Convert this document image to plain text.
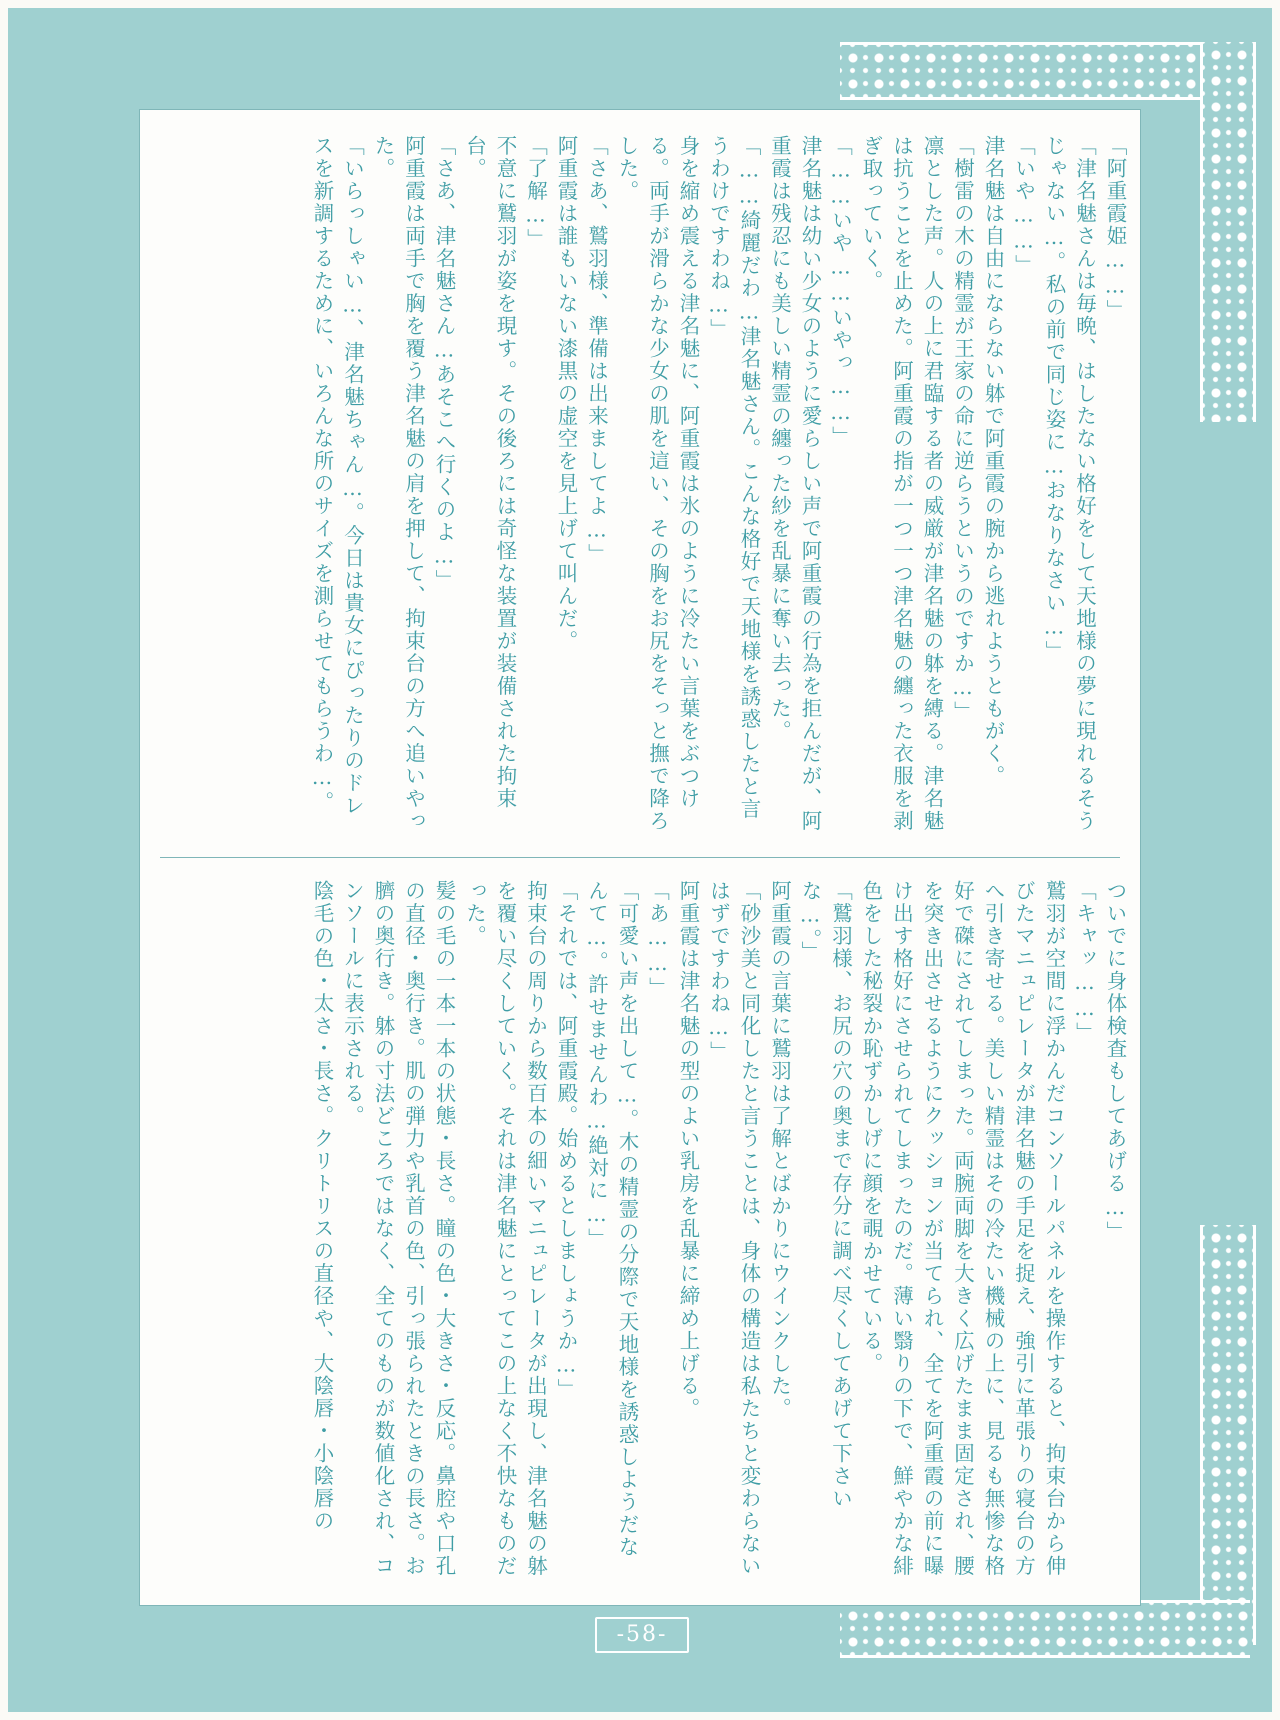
「阿重霞姫……」

「津名魅さんは毎晩、はしたない格好をして天地様の夢に現れるそうじゃない…。私の前で同じ姿に…おなりなさい…」

「いや……」

津名魅は自由にならない躰で阿重霞の腕から逃れようともがく。

「樹雷の木の精霊が王家の命に逆らうというのですか…」

凛とした声。人の上に君臨する者の威厳が津名魅の躰を縛る。津名魅は抗うことを止めた。阿重霞の指が一つ一つ津名魅の纏った衣服を剥ぎ取っていく。

「……いや……いやっ……」

津名魅は幼い少女のように愛らしい声で阿重霞の行為を拒んだが、阿重霞は残忍にも美しい精霊の纏った紗を乱暴に奪い去った。

「……綺麗だわ…津名魅さん。こんな格好で天地様を誘惑したと言うわけですわね…」

身を縮め震える津名魅に、阿重霞は氷のように冷たい言葉をぶつける。両手が滑らかな少女の肌を這い、その胸をお尻をそっと撫で降ろした。

「さあ、鷲羽様、準備は出来ましてよ…」

阿重霞は誰もいない漆黒の虚空を見上げて叫んだ。

「了解…」

不意に鷲羽が姿を現す。その後ろには奇怪な装置が装備された拘束台。

「さあ、津名魅さん…あそこへ行くのよ…」

阿重霞は両手で胸を覆う津名魅の肩を押して、拘束台の方へ追いやった。

「いらっしゃい…、津名魅ちゃん…。今日は貴女にぴったりのドレスを新調するために、いろんな所のサイズを測らせてもらうわ…。

ついでに身体検査もしてあげる…」

「キャッ……」

鷲羽が空間に浮かんだコンソールパネルを操作すると、拘束台から伸びたマニュピレータが津名魅の手足を捉え、強引に革張りの寝台の方へ引き寄せる。美しい精霊はその冷たい機械の上に、見るも無惨な格好で磔にされてしまった。両腕両脚を大きく広げたまま固定され、腰を突き出させるようにクッションが当てられ、全てを阿重霞の前に曝け出す格好にさせられてしまったのだ。薄い翳りの下で、鮮やかな緋色をした秘裂か恥ずかしげに顔を覗かせている。

「鷲羽様、お尻の穴の奥まで存分に調べ尽くしてあげて下さいな…。」

阿重霞の言葉に鷲羽は了解とばかりにウインクした。

「砂沙美と同化したと言うことは、身体の構造は私たちと変わらないはずですわね…」

阿重霞は津名魅の型のよい乳房を乱暴に締め上げる。

「あ……」

「可愛い声を出して…。木の精霊の分際で天地様を誘惑しようだなんて…。許せませんわ…絶対に…」

「それでは、阿重霞殿。始めるとしましょうか…」

拘束台の周りから数百本の細いマニュピレータが出現し、津名魅の躰を覆い尽くしていく。それは津名魅にとってこの上なく不快なものだった。

髪の毛の一本一本の状態・長さ。瞳の色・大きさ・反応。鼻腔や口孔の直径・奥行き。肌の弾力や乳首の色、引っ張られたときの長さ。お臍の奥行き。躰の寸法どころではなく、全てのものが数値化され、コンソールに表示される。

陰毛の色・太さ・長さ。クリトリスの直径や、大陰唇・小陰唇の

-58-
